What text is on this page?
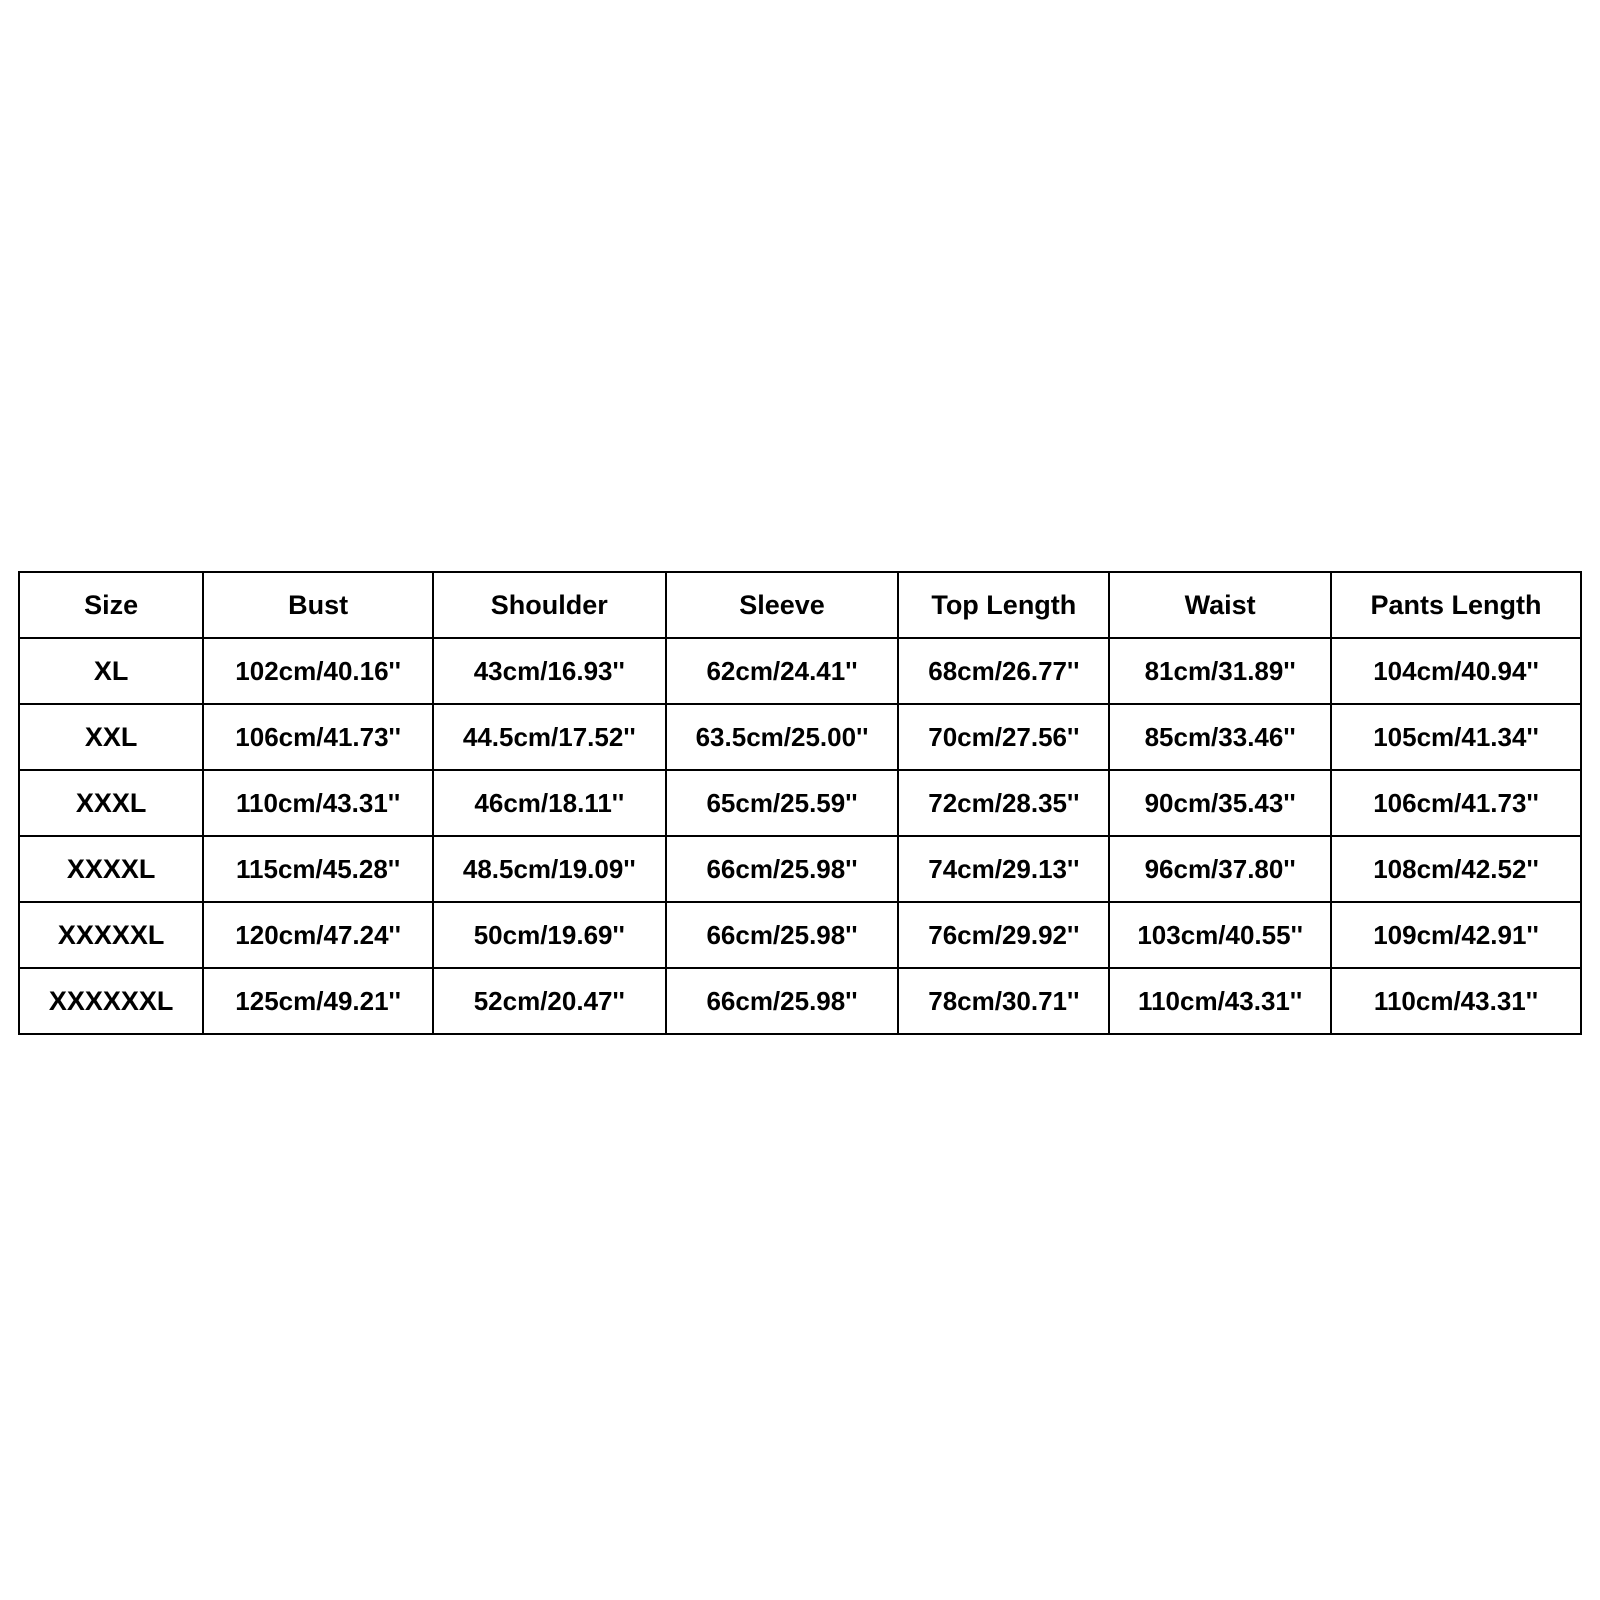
Size	Bust	Shoulder	Sleeve	Top Length	Waist	Pants Length
XL	102cm/40.16''	43cm/16.93''	62cm/24.41''	68cm/26.77''	81cm/31.89''	104cm/40.94''
XXL	106cm/41.73''	44.5cm/17.52''	63.5cm/25.00''	70cm/27.56''	85cm/33.46''	105cm/41.34''
XXXL	110cm/43.31''	46cm/18.11''	65cm/25.59''	72cm/28.35''	90cm/35.43''	106cm/41.73''
XXXXL	115cm/45.28''	48.5cm/19.09''	66cm/25.98''	74cm/29.13''	96cm/37.80''	108cm/42.52''
XXXXXL	120cm/47.24''	50cm/19.69''	66cm/25.98''	76cm/29.92''	103cm/40.55''	109cm/42.91''
XXXXXXL	125cm/49.21''	52cm/20.47''	66cm/25.98''	78cm/30.71''	110cm/43.31''	110cm/43.31''
